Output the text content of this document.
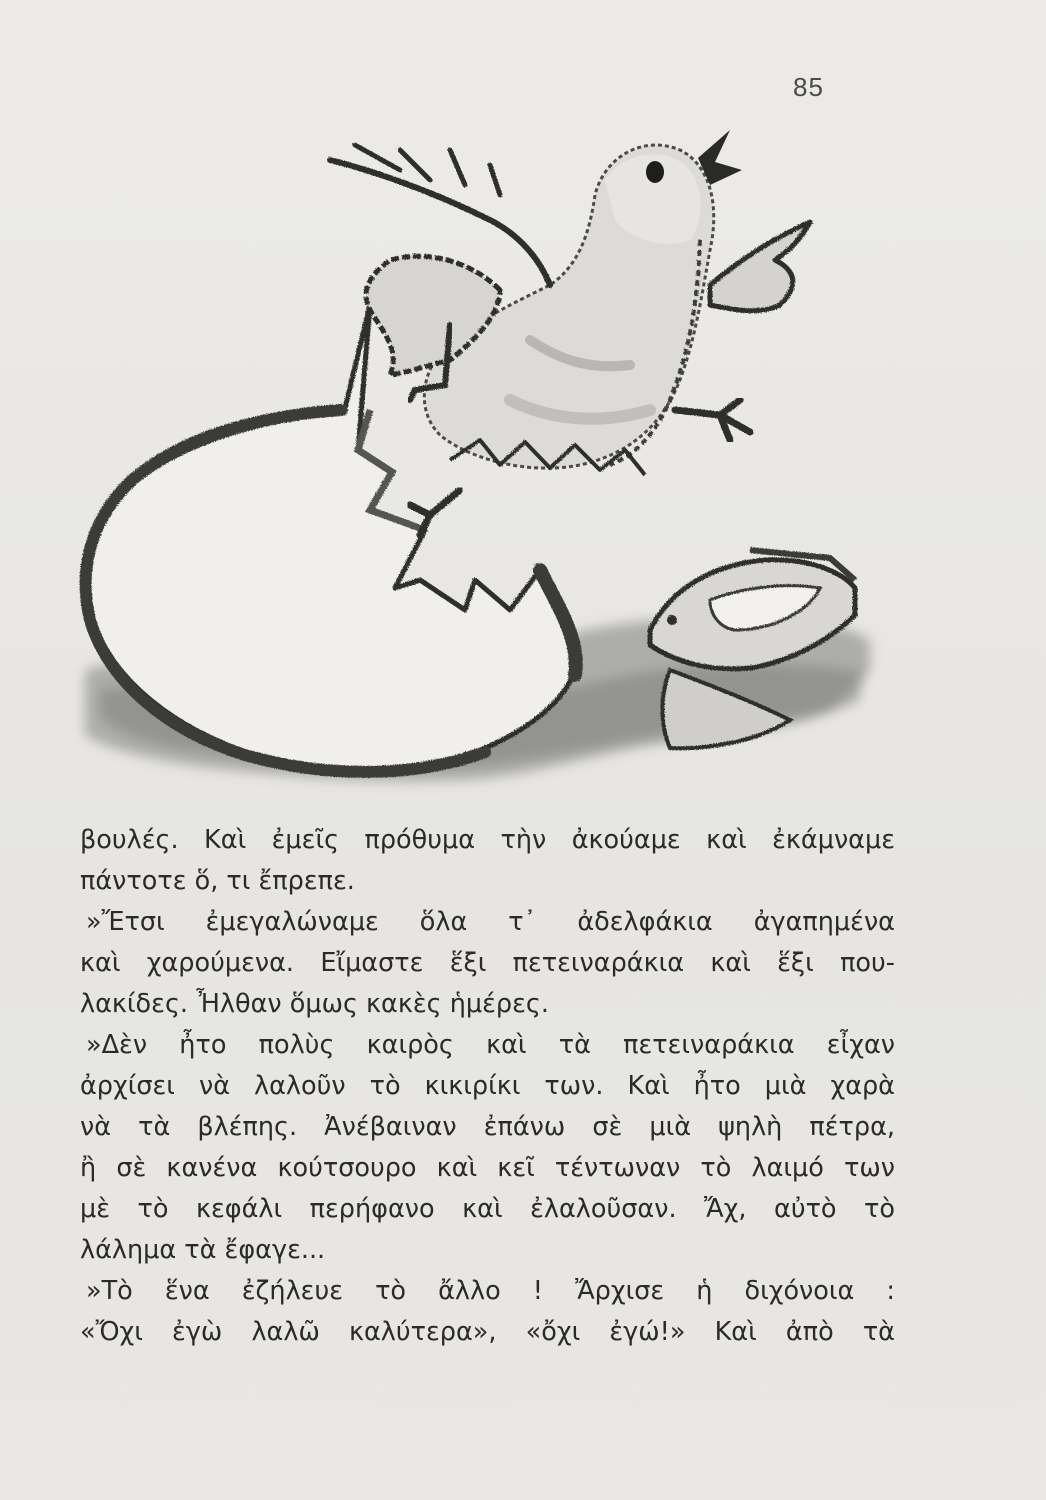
85
βουλές. Καὶ ἐμεῖς πρόθυμα τὴν ἀκούαμε καὶ ἐκάμναμε
πάντοτε ὅ, τι ἔπρεπε.
»Ἔτσι ἐμεγαλώναμε ὅλα τ᾿ ἀδελφάκια ἀγαπημένα
καὶ χαρούμενα. Εἴμαστε ἕξι πετειναράκια καὶ ἕξι που-
λακίδες. Ἦλθαν ὅμως κακὲς ἡμέρες.
»Δὲν ἦτο πολὺς καιρὸς καὶ τὰ πετειναράκια εἶχαν
ἀρχίσει νὰ λαλοῦν τὸ κικιρίκι των. Καὶ ἦτο μιὰ χαρὰ
νὰ τὰ βλέπης. Ἀνέβαιναν ἐπάνω σὲ μιὰ ψηλὴ πέτρα,
ἢ σὲ κανένα κούτσουρο καὶ κεῖ τέντωναν τὸ λαιμό των
μὲ τὸ κεφάλι περήφανο καὶ ἐλαλοῦσαν. Ἄχ, αὐτὸ τὸ
λάλημα τὰ ἔφαγε...
»Τὸ ἕνα ἐζήλευε τὸ ἄλλο ! Ἄρχισε ἡ διχόνοια :
«Ὄχι ἐγὼ λαλῶ καλύτερα», «ὄχι ἐγώ!» Καὶ ἀπὸ τὰ
